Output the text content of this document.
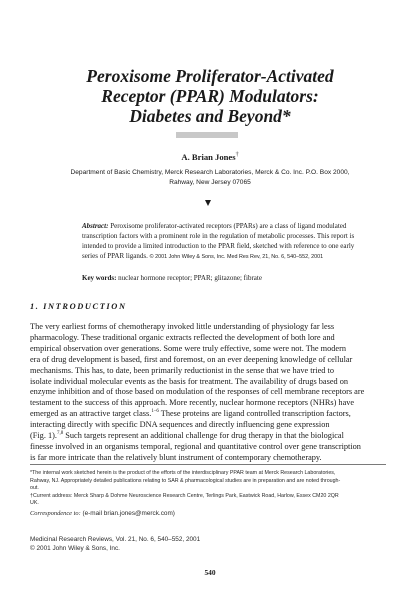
Peroxisome Proliferator-Activated
Receptor (PPAR) Modulators:
Diabetes and Beyond*
A. Brian Jones†
Department of Basic Chemistry, Merck Research Laboratories, Merck & Co. Inc. P.O. Box 2000,
Rahway, New Jersey 07065
Abstract: Peroxisome proliferator-activated receptors (PPARs) are a class of ligand modulated
transcription factors with a prominent role in the regulation of metabolic processes. This report is
intended to provide a limited introduction to the PPAR field, sketched with reference to one early
series of PPAR ligands. © 2001 John Wiley & Sons, Inc. Med Res Rev, 21, No. 6, 540–552, 2001
Key words: nuclear hormone receptor; PPAR; glitazone; fibrate
1. INTRODUCTION
The very earliest forms of chemotherapy invoked little understanding of physiology far less
pharmacology. These traditional organic extracts reflected the development of both lore and
empirical observation over generations. Some were truly effective, some were not. The modern
era of drug development is based, first and foremost, on an ever deepening knowledge of cellular
mechanisms. This has, to date, been primarily reductionist in the sense that we have tried to
isolate individual molecular events as the basis for treatment. The availability of drugs based on
enzyme inhibition and of those based on modulation of the responses of cell membrane receptors are
testament to the success of this approach. More recently, nuclear hormone receptors (NHRs) have
emerged as an attractive target class.$^{1-6}$ These proteins are ligand controlled transcription factors,
interacting directly with specific DNA sequences and directly influencing gene expression
(Fig. 1).$^{7,8}$ Such targets represent an additional challenge for drug therapy in that the biological
finesse involved in an organisms temporal, regional and quantitative control over gene transcription
is far more intricate than the relatively blunt instrument of contemporary chemotherapy.
*The internal work sketched herein is the product of the efforts of the interdisciplinary PPAR team at Merck Research Laboratories,
Rahway, NJ. Appropriately detailed publications relating to SAR & pharmacological studies are in preparation and are noted through-
out.
†Current address: Merck Sharp & Dohme Neuroscience Research Centre, Terlings Park, Eastwick Road, Harlow, Essex CM20 2QR
UK.
Correspondence to: (e-mail brian.jones@merck.com)
Medicinal Research Reviews, Vol. 21, No. 6, 540–552, 2001
© 2001 John Wiley & Sons, Inc.
540
